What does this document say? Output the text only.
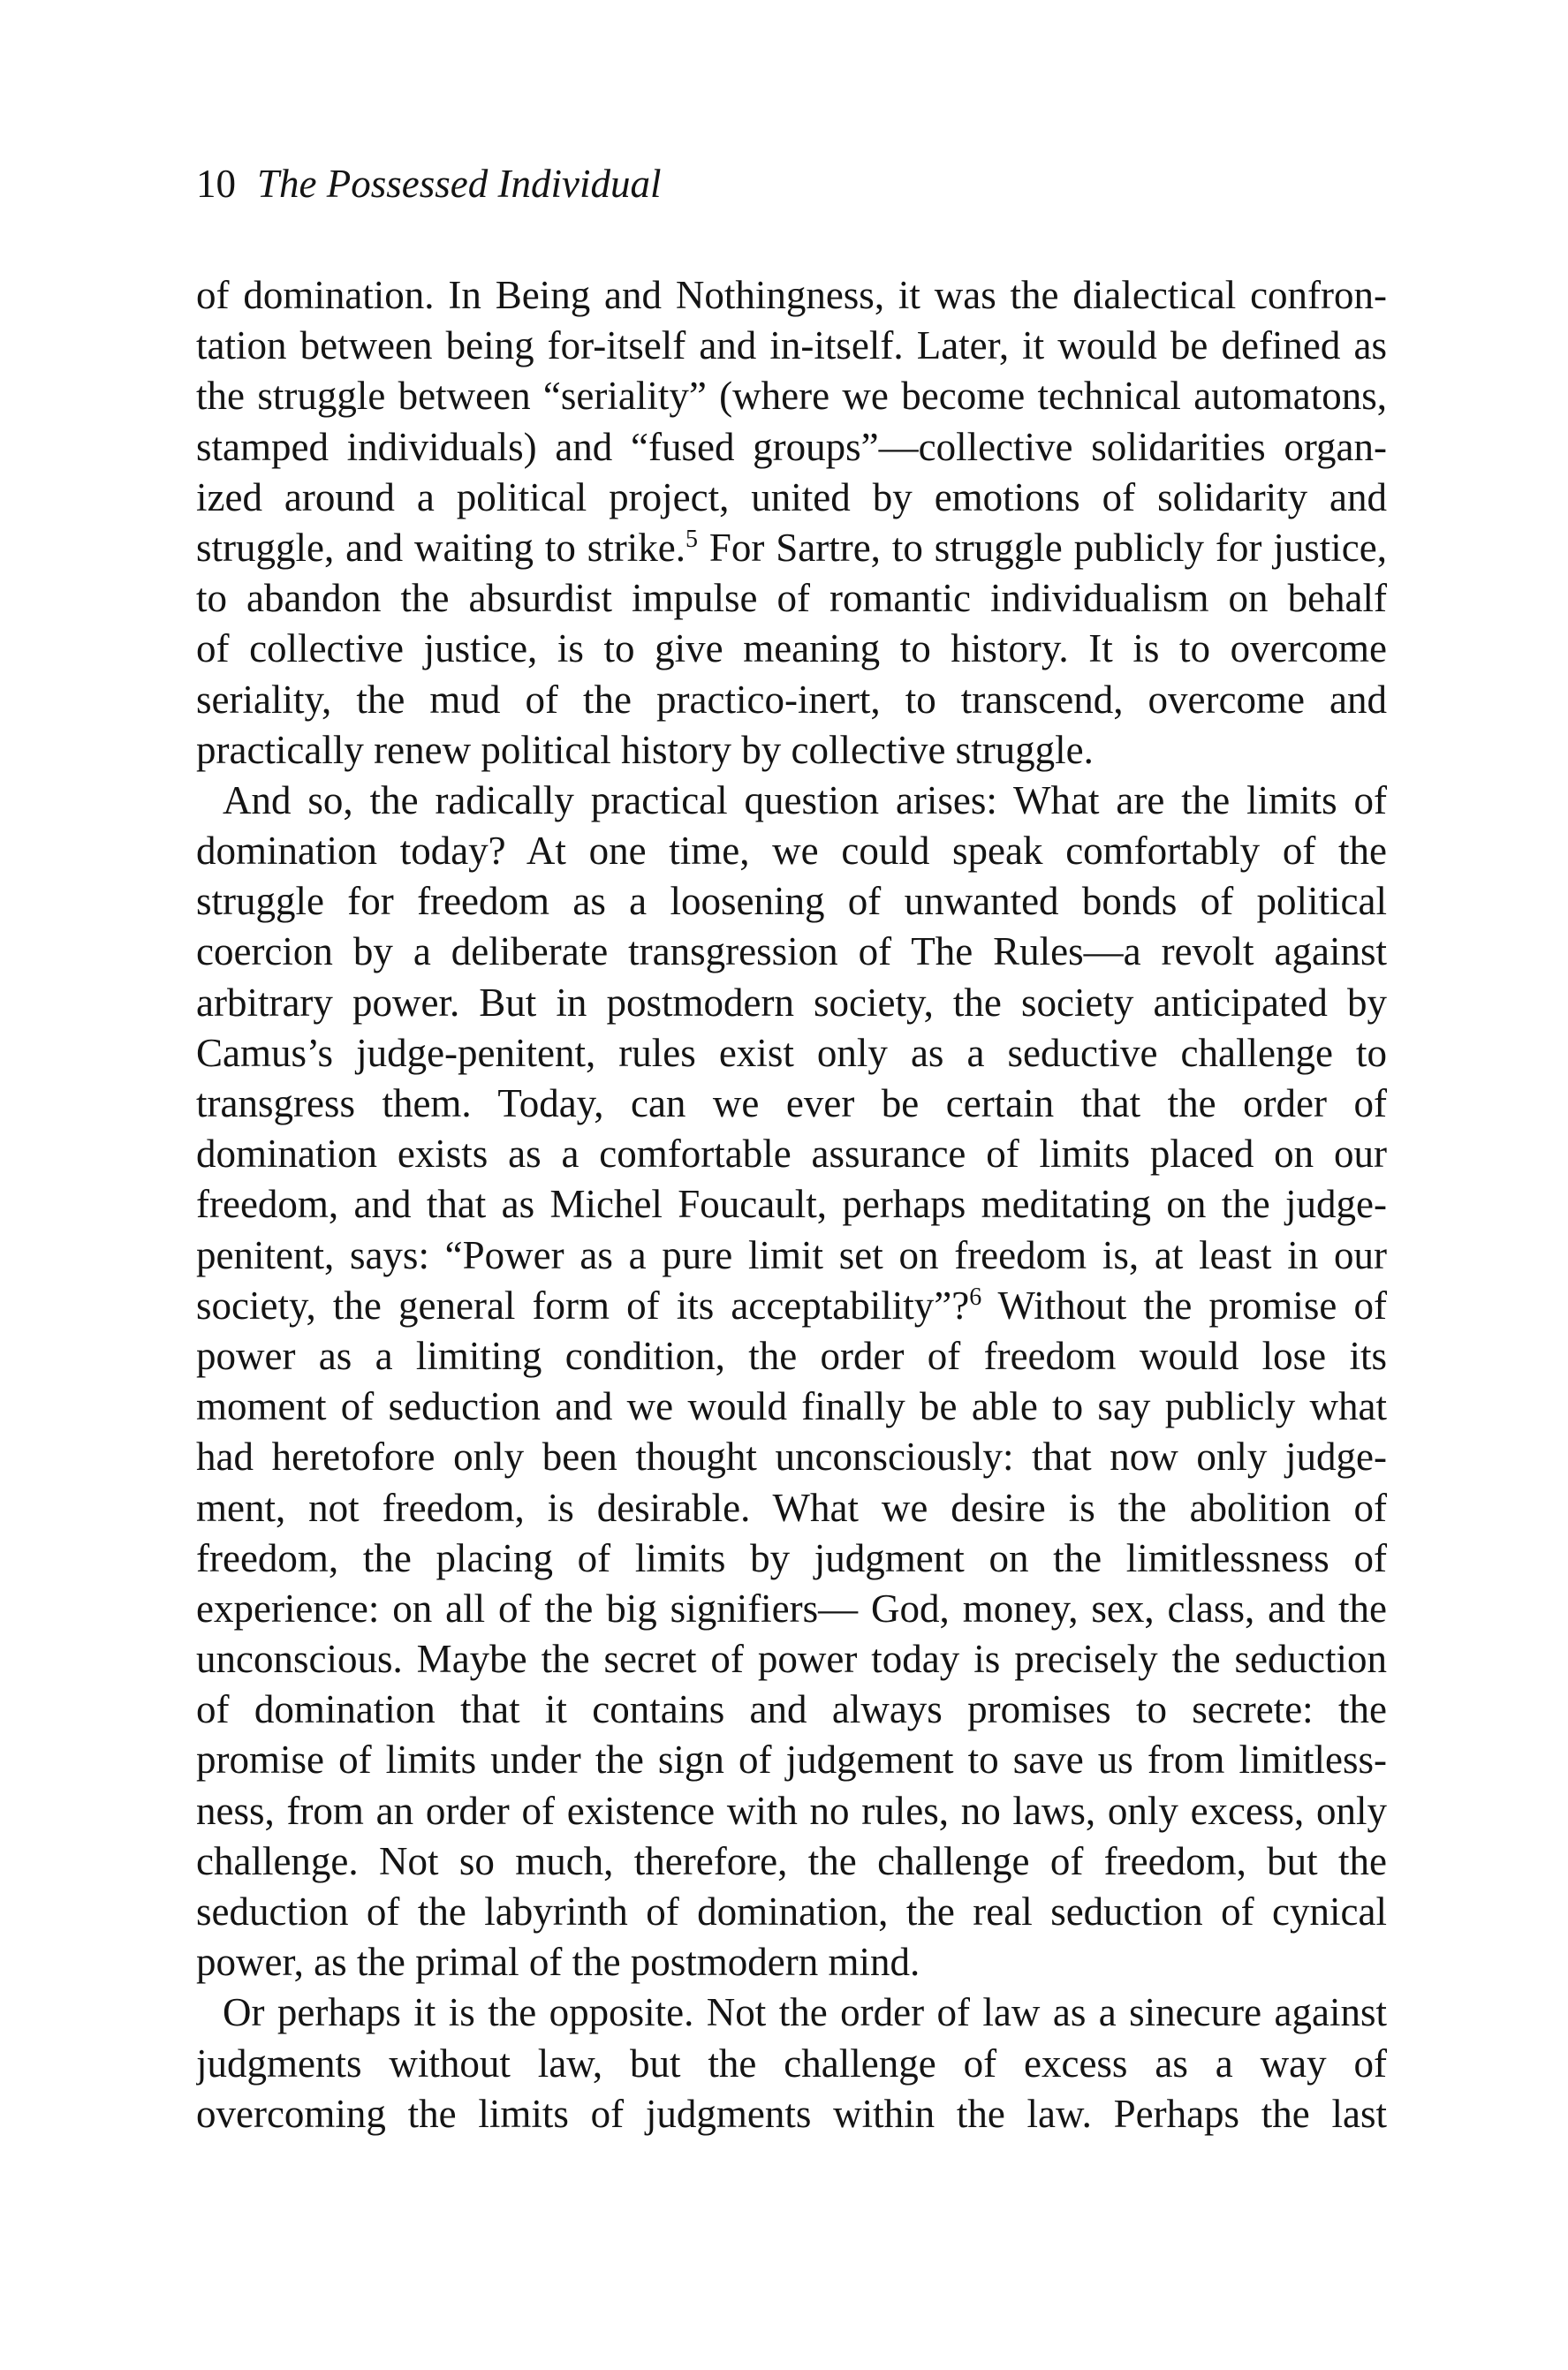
10 The Possessed Individual
of domination. In Being and Nothingness, it was the dialectical confron-
tation between being for-itself and in-itself. Later, it would be defined as
the struggle between “seriality” (where we become technical automatons,
stamped individuals) and “fused groups”—collective solidarities organ-
ized around a political project, united by emotions of solidarity and
struggle, and waiting to strike.$^5$ For Sartre, to struggle publicly for justice,
to abandon the absurdist impulse of romantic individualism on behalf
of collective justice, is to give meaning to history. It is to overcome
seriality, the mud of the practico-inert, to transcend, overcome and
practically renew political history by collective struggle.
And so, the radically practical question arises: What are the limits of
domination today? At one time, we could speak comfortably of the
struggle for freedom as a loosening of unwanted bonds of political
coercion by a deliberate transgression of The Rules—a revolt against
arbitrary power. But in postmodern society, the society anticipated by
Camus’s judge-penitent, rules exist only as a seductive challenge to
transgress them. Today, can we ever be certain that the order of
domination exists as a comfortable assurance of limits placed on our
freedom, and that as Michel Foucault, perhaps meditating on the judge-
penitent, says: “Power as a pure limit set on freedom is, at least in our
society, the general form of its acceptability”?$^6$ Without the promise of
power as a limiting condition, the order of freedom would lose its
moment of seduction and we would finally be able to say publicly what
had heretofore only been thought unconsciously: that now only judge-
ment, not freedom, is desirable. What we desire is the abolition of
freedom, the placing of limits by judgment on the limitlessness of
experience: on all of the big signifiers— God, money, sex, class, and the
unconscious. Maybe the secret of power today is precisely the seduction
of domination that it contains and always promises to secrete: the
promise of limits under the sign of judgement to save us from limitless-
ness, from an order of existence with no rules, no laws, only excess, only
challenge. Not so much, therefore, the challenge of freedom, but the
seduction of the labyrinth of domination, the real seduction of cynical
power, as the primal of the postmodern mind.
Or perhaps it is the opposite. Not the order of law as a sinecure against
judgments without law, but the challenge of excess as a way of
overcoming the limits of judgments within the law. Perhaps the last
